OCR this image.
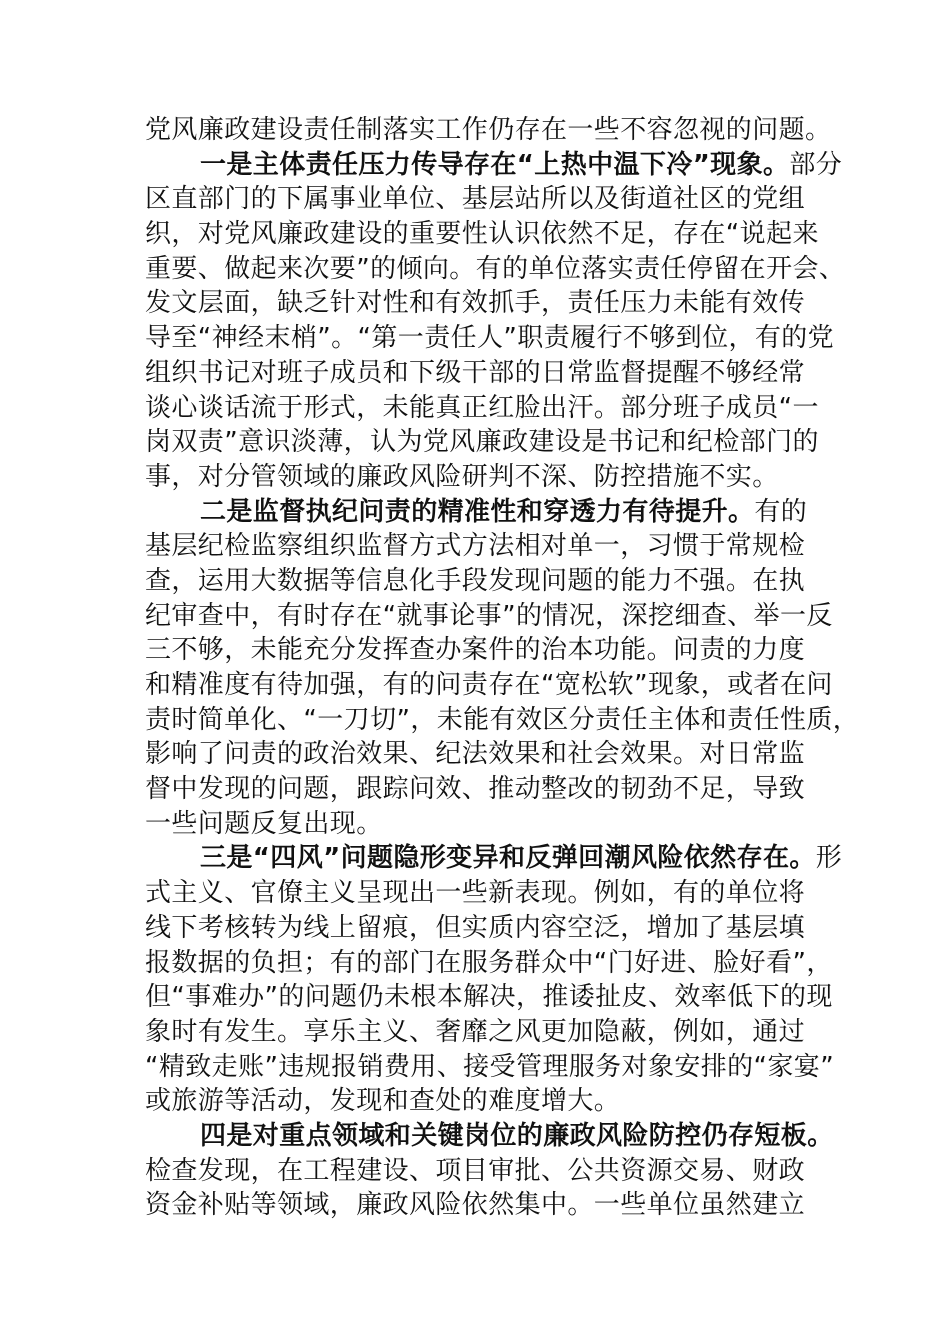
党风廉政建设责任制落实工作仍存在一些不容忽视的问题。
一是主体责任压力传导存在“上热中温下冷”现象。部分
区直部门的下属事业单位、基层站所以及街道社区的党组
织，对党风廉政建设的重要性认识依然不足，存在“说起来
重要、做起来次要”的倾向。有的单位落实责任停留在开会、
发文层面，缺乏针对性和有效抓手，责任压力未能有效传
导至“神经末梢”。“第一责任人”职责履行不够到位，有的党
组织书记对班子成员和下级干部的日常监督提醒不够经常
谈心谈话流于形式，未能真正红脸出汗。部分班子成员“一
岗双责”意识淡薄，认为党风廉政建设是书记和纪检部门的
事，对分管领域的廉政风险研判不深、防控措施不实。
二是监督执纪问责的精准性和穿透力有待提升。有的
基层纪检监察组织监督方式方法相对单一，习惯于常规检
查，运用大数据等信息化手段发现问题的能力不强。在执
纪审查中，有时存在“就事论事”的情况，深挖细查、举一反
三不够，未能充分发挥查办案件的治本功能。问责的力度
和精准度有待加强，有的问责存在“宽松软”现象，或者在问
责时简单化、“一刀切”，未能有效区分责任主体和责任性质，
影响了问责的政治效果、纪法效果和社会效果。对日常监
督中发现的问题，跟踪问效、推动整改的韧劲不足，导致
一些问题反复出现。
三是“四风”问题隐形变异和反弹回潮风险依然存在。形
式主义、官僚主义呈现出一些新表现。例如，有的单位将
线下考核转为线上留痕，但实质内容空泛，增加了基层填
报数据的负担；有的部门在服务群众中“门好进、脸好看”，
但“事难办”的问题仍未根本解决，推诿扯皮、效率低下的现
象时有发生。享乐主义、奢靡之风更加隐蔽，例如，通过
“精致走账”违规报销费用、接受管理服务对象安排的“家宴”
或旅游等活动，发现和查处的难度增大。
四是对重点领域和关键岗位的廉政风险防控仍存短板。
检查发现，在工程建设、项目审批、公共资源交易、财政
资金补贴等领域，廉政风险依然集中。一些单位虽然建立
